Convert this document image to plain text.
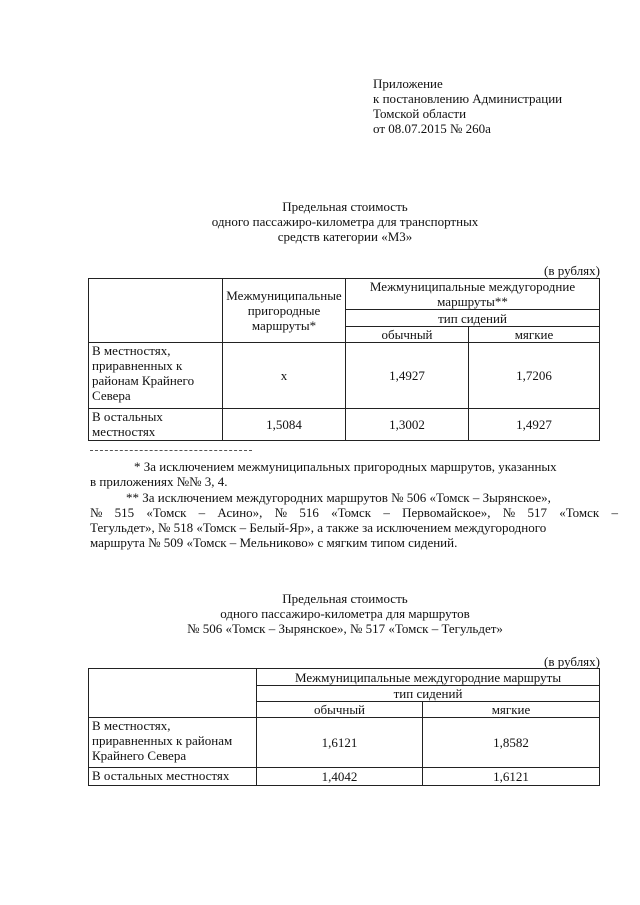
Приложение
к постановлению Администрации
Томской области
от 08.07.2015 № 260а
Предельная стоимость
одного пассажиро-километра для транспортных
средств категории «М3»
(в рублях)
	Межмуниципальные пригородные маршруты*	Межмуниципальные междугородние маршруты**	
		тип сидений	
		обычный	мягкие
В местностях, приравненных к районам Крайнего Севера	х	1,4927	1,7206
В остальных местностях	1,5084	1,3002	1,4927
* За исключением межмуниципальных пригородных маршрутов, указанных
в приложениях №№ 3, 4.
** За исключением междугородних маршрутов № 506 «Томск – Зырянское»,
№ 515 «Томск – Асино», № 516 «Томск – Первомайское», № 517 «Томск –
Тегульдет», № 518 «Томск – Белый-Яр», а также за исключением междугородного
маршрута № 509 «Томск – Мельниково» с мягким типом сидений.
Предельная стоимость
одного пассажиро-километра для маршрутов
№ 506 «Томск – Зырянское», № 517 «Томск – Тегульдет»
(в рублях)
	Межмуниципальные междугородние маршруты	
	тип сидений	
	обычный	мягкие
В местностях, приравненных к районам Крайнего Севера	1,6121	1,8582
В остальных местностях	1,4042	1,6121
